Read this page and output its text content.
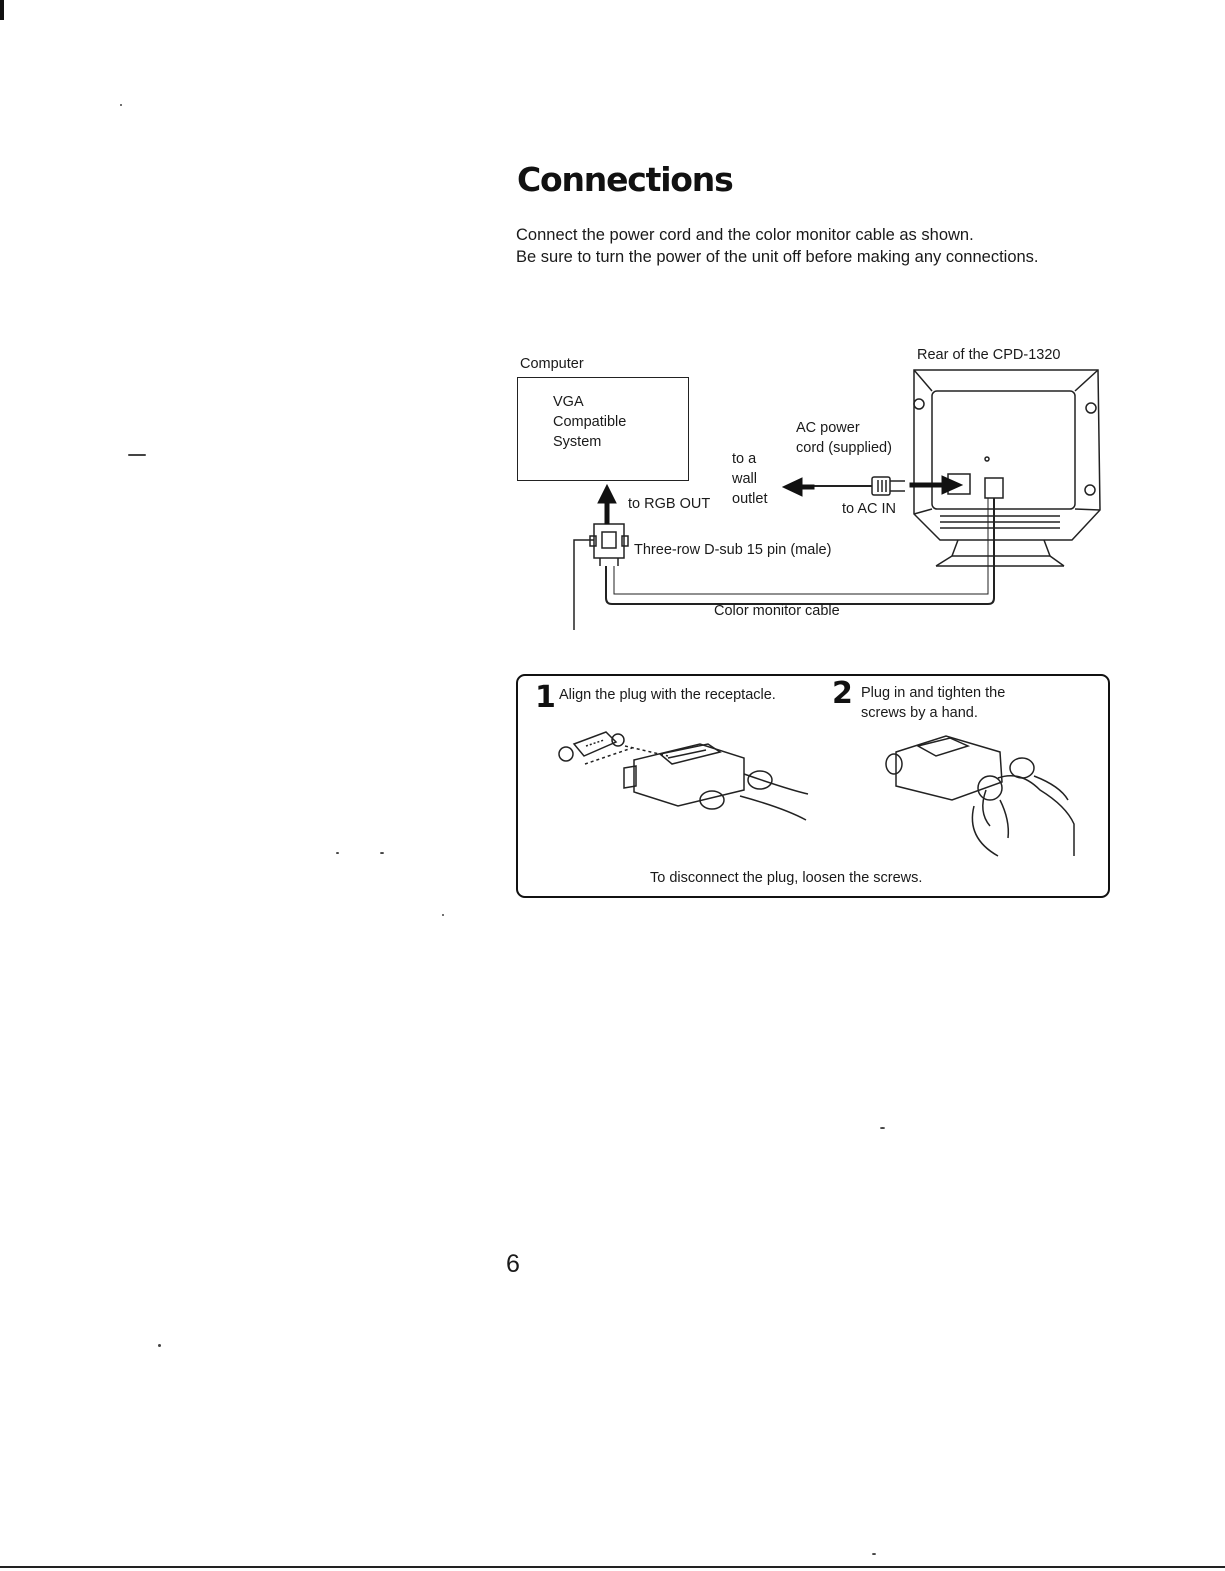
Connections

Connect the power cord and the color monitor cable as shown.

Be sure to turn the power of the unit off before making any connections.

Computer
VGA
Compatible
System
to RGB OUT
to a
wall
outlet
AC power
cord (supplied)
to AC IN
Rear of the CPD-1320
Three-row D-sub 15 pin (male)
Color monitor cable
1 Align the plug with the receptacle. 2 Plug in and tighten the
screws by a hand.
To disconnect the plug, loosen the screws.
6
